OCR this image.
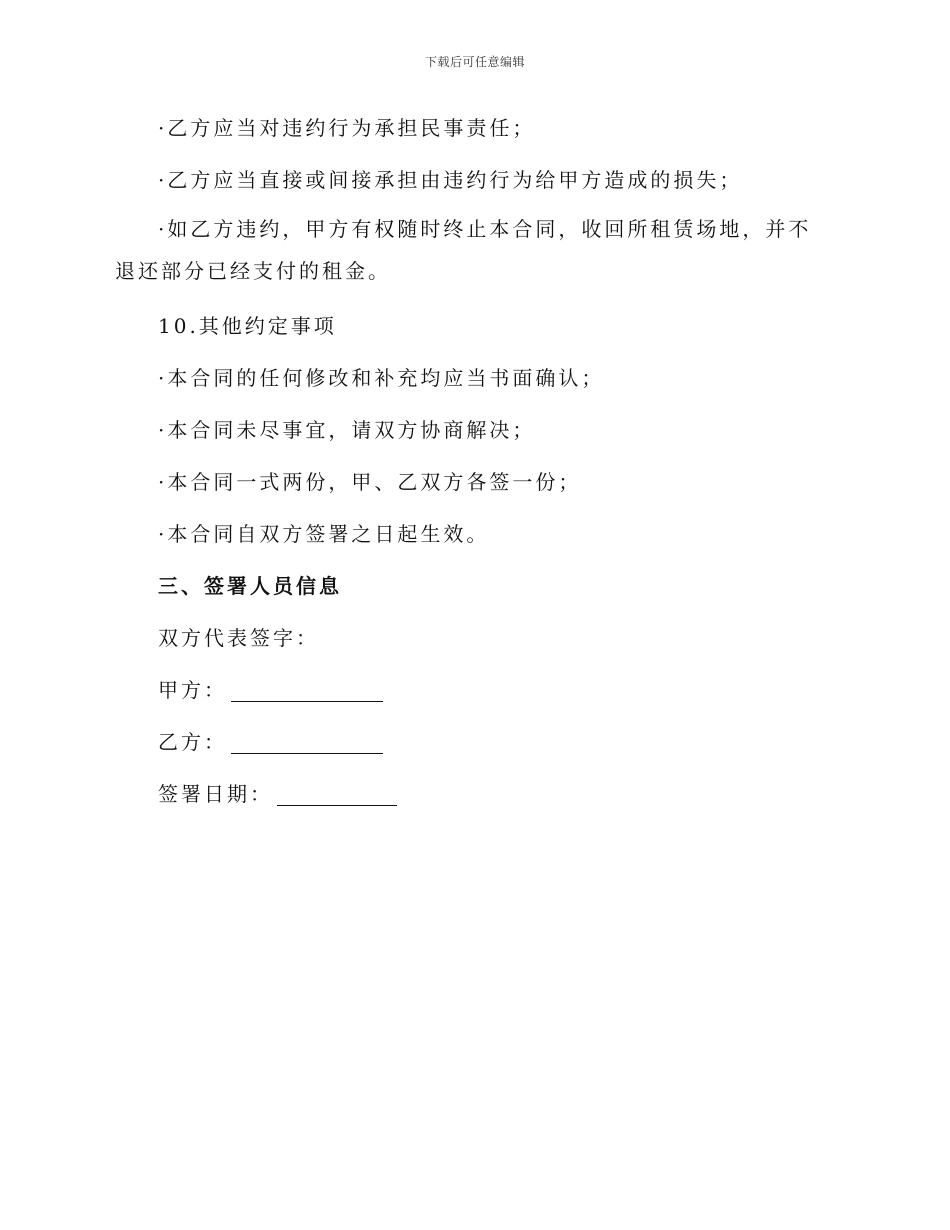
下载后可任意编辑
·乙方应当对违约行为承担民事责任；
·乙方应当直接或间接承担由违约行为给甲方造成的损失；
·如乙方违约，甲方有权随时终止本合同，收回所租赁场地，并不退还部分已经支付的租金。
10.其他约定事项
·本合同的任何修改和补充均应当书面确认；
·本合同未尽事宜，请双方协商解决；
·本合同一式两份，甲、乙双方各签一份；
·本合同自双方签署之日起生效。
三、签署人员信息
双方代表签字：
甲方：
乙方：
签署日期：
